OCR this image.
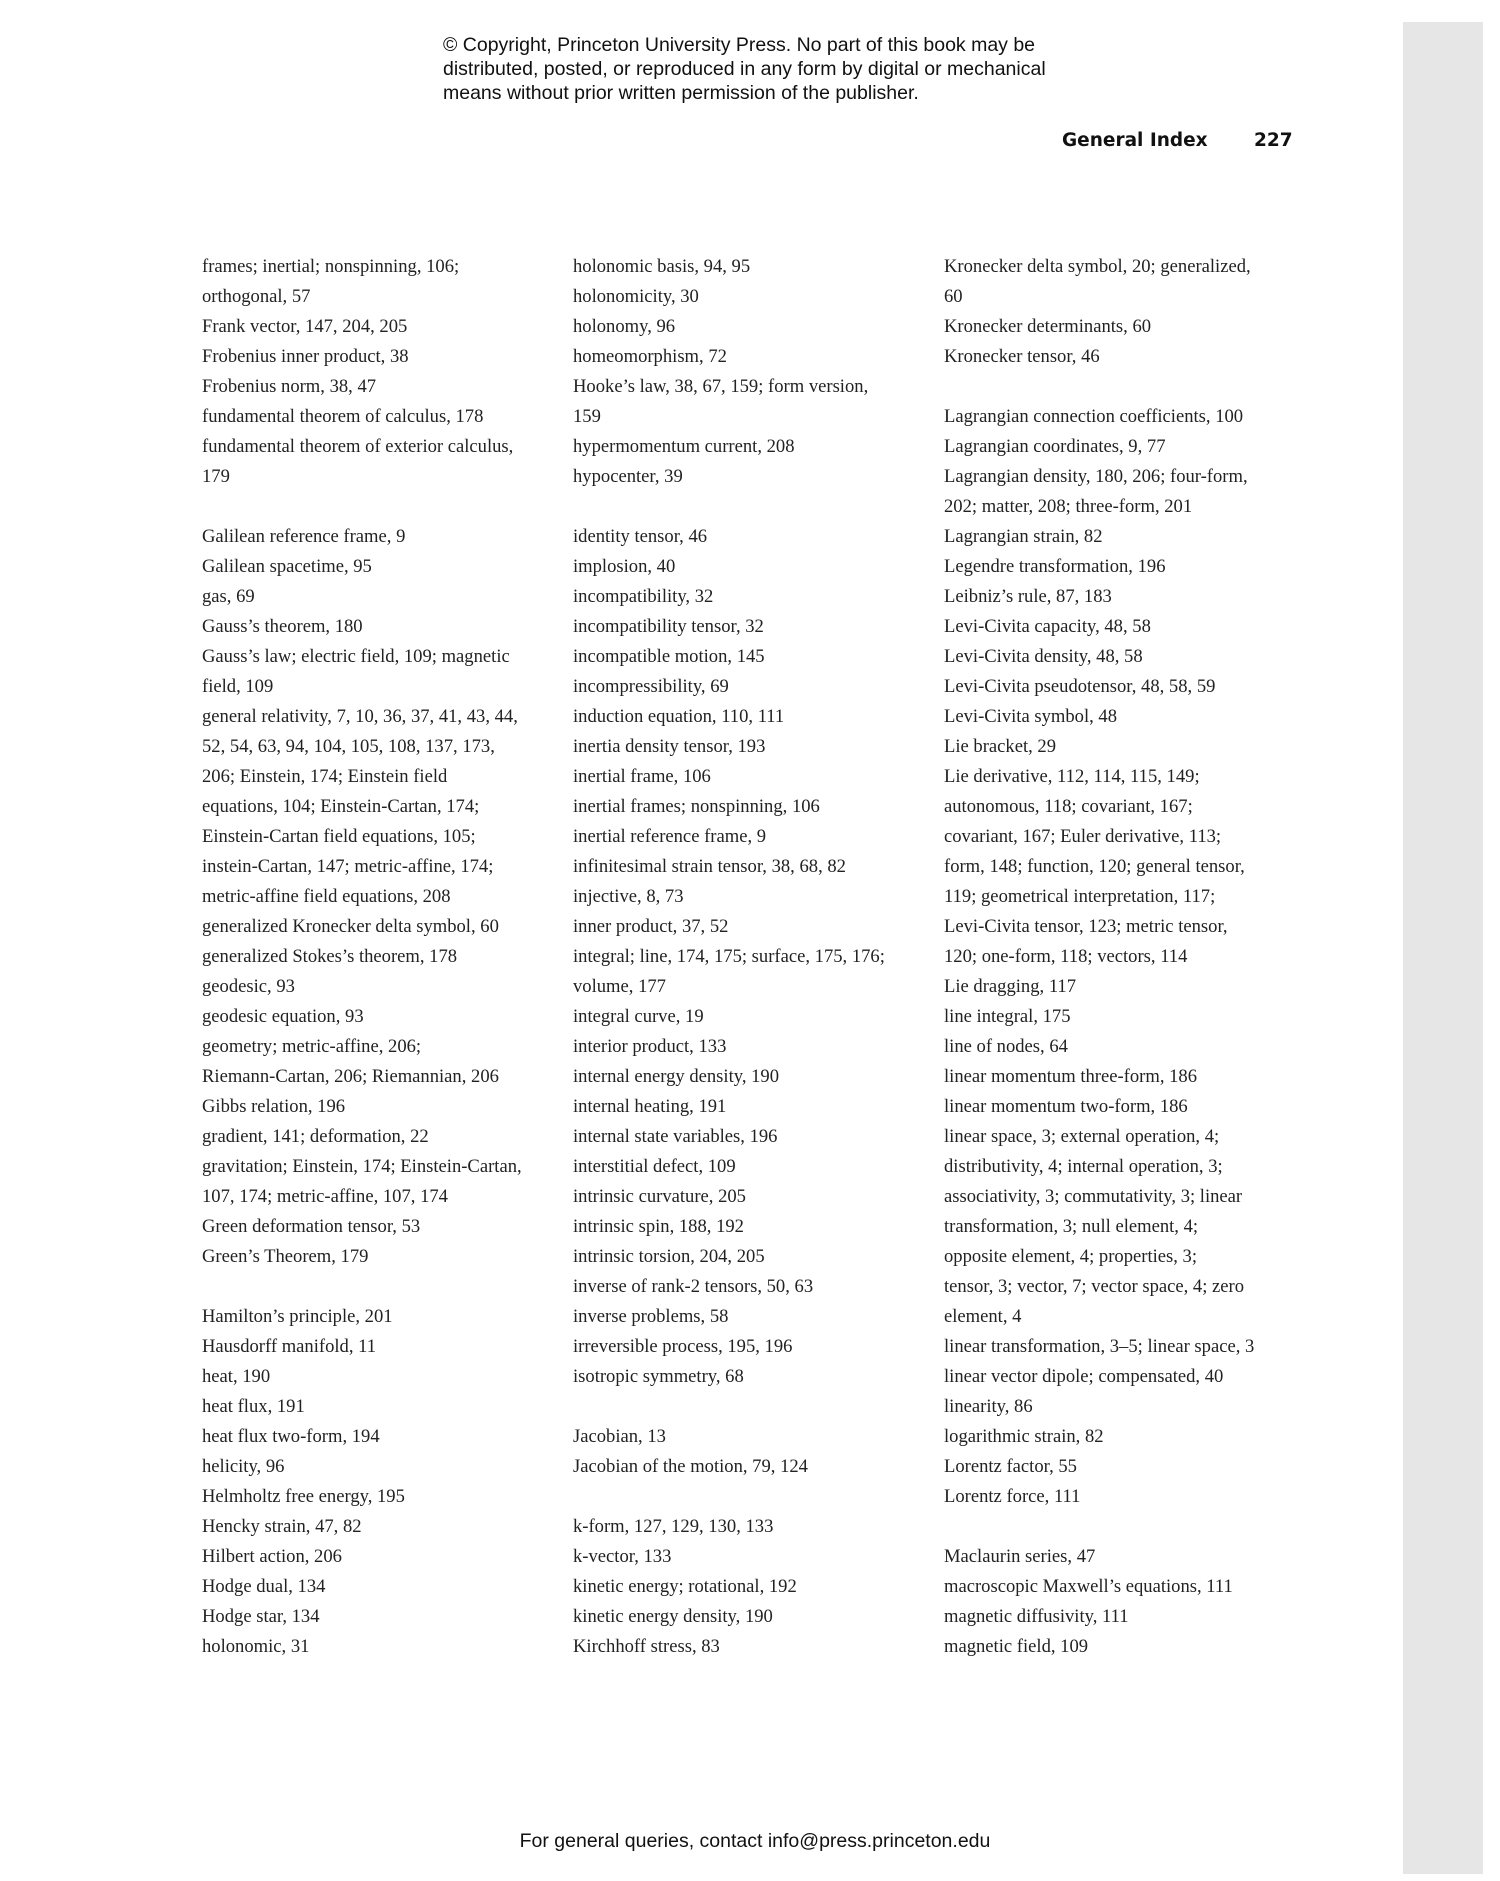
© Copyright, Princeton University Press. No part of this book may be
distributed, posted, or reproduced in any form by digital or mechanical
means without prior written permission of the publisher.
General Index	227
frames; inertial; nonspinning, 106;
orthogonal, 57
Frank vector, 147, 204, 205
Frobenius inner product, 38
Frobenius norm, 38, 47
fundamental theorem of calculus, 178
fundamental theorem of exterior calculus,
179
Galilean reference frame, 9
Galilean spacetime, 95
gas, 69
Gauss’s theorem, 180
Gauss’s law; electric field, 109; magnetic
field, 109
general relativity, 7, 10, 36, 37, 41, 43, 44,
52, 54, 63, 94, 104, 105, 108, 137, 173,
206; Einstein, 174; Einstein field
equations, 104; Einstein-Cartan, 174;
Einstein-Cartan field equations, 105;
instein-Cartan, 147; metric-affine, 174;
metric-affine field equations, 208
generalized Kronecker delta symbol, 60
generalized Stokes’s theorem, 178
geodesic, 93
geodesic equation, 93
geometry; metric-affine, 206;
Riemann-Cartan, 206; Riemannian, 206
Gibbs relation, 196
gradient, 141; deformation, 22
gravitation; Einstein, 174; Einstein-Cartan,
107, 174; metric-affine, 107, 174
Green deformation tensor, 53
Green’s Theorem, 179
Hamilton’s principle, 201
Hausdorff manifold, 11
heat, 190
heat flux, 191
heat flux two-form, 194
helicity, 96
Helmholtz free energy, 195
Hencky strain, 47, 82
Hilbert action, 206
Hodge dual, 134
Hodge star, 134
holonomic, 31
holonomic basis, 94, 95
holonomicity, 30
holonomy, 96
homeomorphism, 72
Hooke’s law, 38, 67, 159; form version,
159
hypermomentum current, 208
hypocenter, 39
identity tensor, 46
implosion, 40
incompatibility, 32
incompatibility tensor, 32
incompatible motion, 145
incompressibility, 69
induction equation, 110, 111
inertia density tensor, 193
inertial frame, 106
inertial frames; nonspinning, 106
inertial reference frame, 9
infinitesimal strain tensor, 38, 68, 82
injective, 8, 73
inner product, 37, 52
integral; line, 174, 175; surface, 175, 176;
volume, 177
integral curve, 19
interior product, 133
internal energy density, 190
internal heating, 191
internal state variables, 196
interstitial defect, 109
intrinsic curvature, 205
intrinsic spin, 188, 192
intrinsic torsion, 204, 205
inverse of rank-2 tensors, 50, 63
inverse problems, 58
irreversible process, 195, 196
isotropic symmetry, 68
Jacobian, 13
Jacobian of the motion, 79, 124
k-form, 127, 129, 130, 133
k-vector, 133
kinetic energy; rotational, 192
kinetic energy density, 190
Kirchhoff stress, 83
Kronecker delta symbol, 20; generalized,
60
Kronecker determinants, 60
Kronecker tensor, 46
Lagrangian connection coefficients, 100
Lagrangian coordinates, 9, 77
Lagrangian density, 180, 206; four-form,
202; matter, 208; three-form, 201
Lagrangian strain, 82
Legendre transformation, 196
Leibniz’s rule, 87, 183
Levi-Civita capacity, 48, 58
Levi-Civita density, 48, 58
Levi-Civita pseudotensor, 48, 58, 59
Levi-Civita symbol, 48
Lie bracket, 29
Lie derivative, 112, 114, 115, 149;
autonomous, 118; covariant, 167;
covariant, 167; Euler derivative, 113;
form, 148; function, 120; general tensor,
119; geometrical interpretation, 117;
Levi-Civita tensor, 123; metric tensor,
120; one-form, 118; vectors, 114
Lie dragging, 117
line integral, 175
line of nodes, 64
linear momentum three-form, 186
linear momentum two-form, 186
linear space, 3; external operation, 4;
distributivity, 4; internal operation, 3;
associativity, 3; commutativity, 3; linear
transformation, 3; null element, 4;
opposite element, 4; properties, 3;
tensor, 3; vector, 7; vector space, 4; zero
element, 4
linear transformation, 3–5; linear space, 3
linear vector dipole; compensated, 40
linearity, 86
logarithmic strain, 82
Lorentz factor, 55
Lorentz force, 111
Maclaurin series, 47
macroscopic Maxwell’s equations, 111
magnetic diffusivity, 111
magnetic field, 109
For general queries, contact info@press.princeton.edu
